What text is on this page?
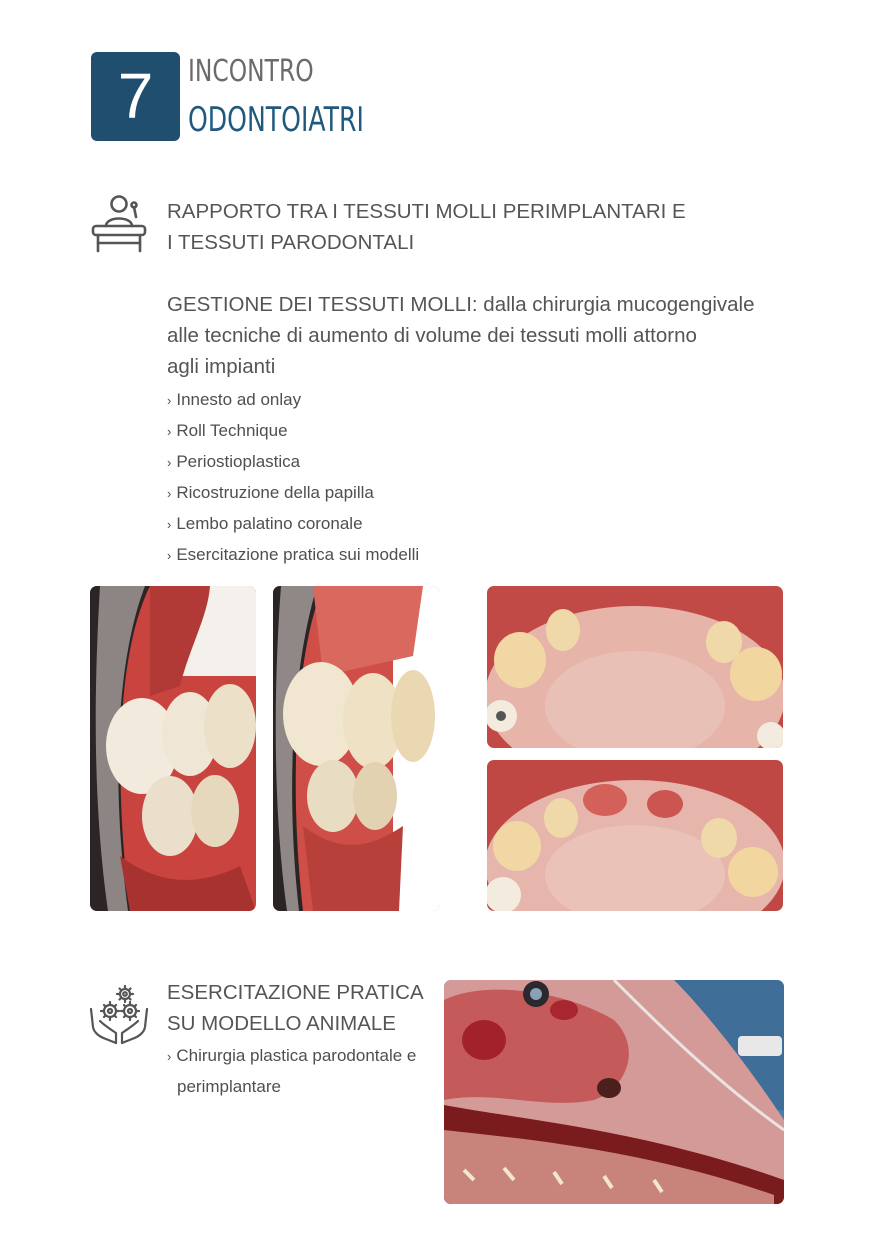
7	INCONTRO
ODONTOIATRI
RAPPORTO TRA I TESSUTI MOLLI PERIMPLANTARI E
I TESSUTI PARODONTALI
GESTIONE DEI TESSUTI MOLLI: dalla chirurgia mucogengivale
alle tecniche di aumento di volume dei tessuti molli attorno
agli impianti
› Innesto ad onlay
› Roll Technique
› Periostioplastica
› Ricostruzione della papilla
› Lembo palatino coronale
› Esercitazione pratica sui modelli
ESERCITAZIONE PRATICA
SU MODELLO ANIMALE
› Chirurgia plastica parodontale e
perimplantare
